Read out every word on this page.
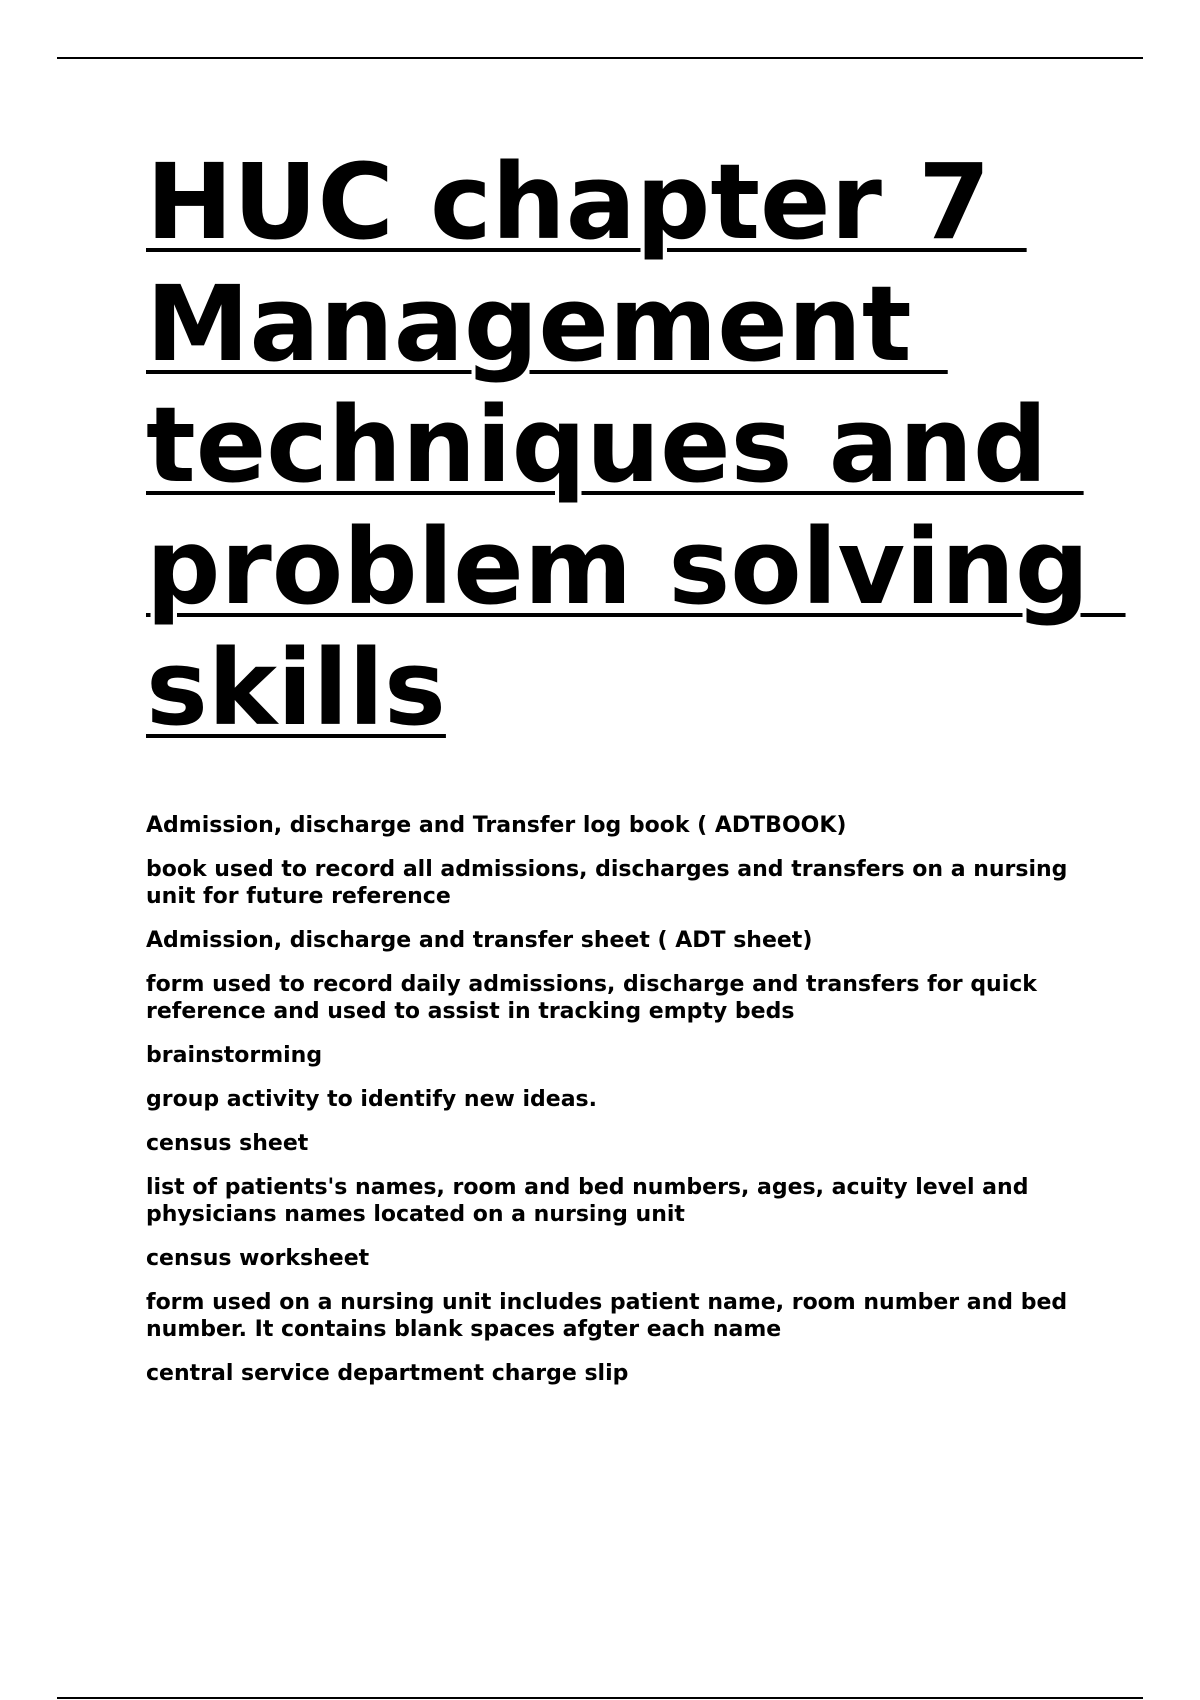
HUC chapter 7
Management
techniques and
problem solving
skills

Admission, discharge and Transfer log book ( ADTBOOK)

book used to record all admissions, discharges and transfers on a nursing unit for future reference

Admission, discharge and transfer sheet ( ADT sheet)

form used to record daily admissions, discharge and transfers for quick reference and used to assist in tracking empty beds

brainstorming

group activity to identify new ideas.

census sheet

list of patients's names, room and bed numbers, ages, acuity level and physicians names located on a nursing unit

census worksheet

form used on a nursing unit includes patient name, room number and bed number. It contains blank spaces afgter each name

central service department charge slip
